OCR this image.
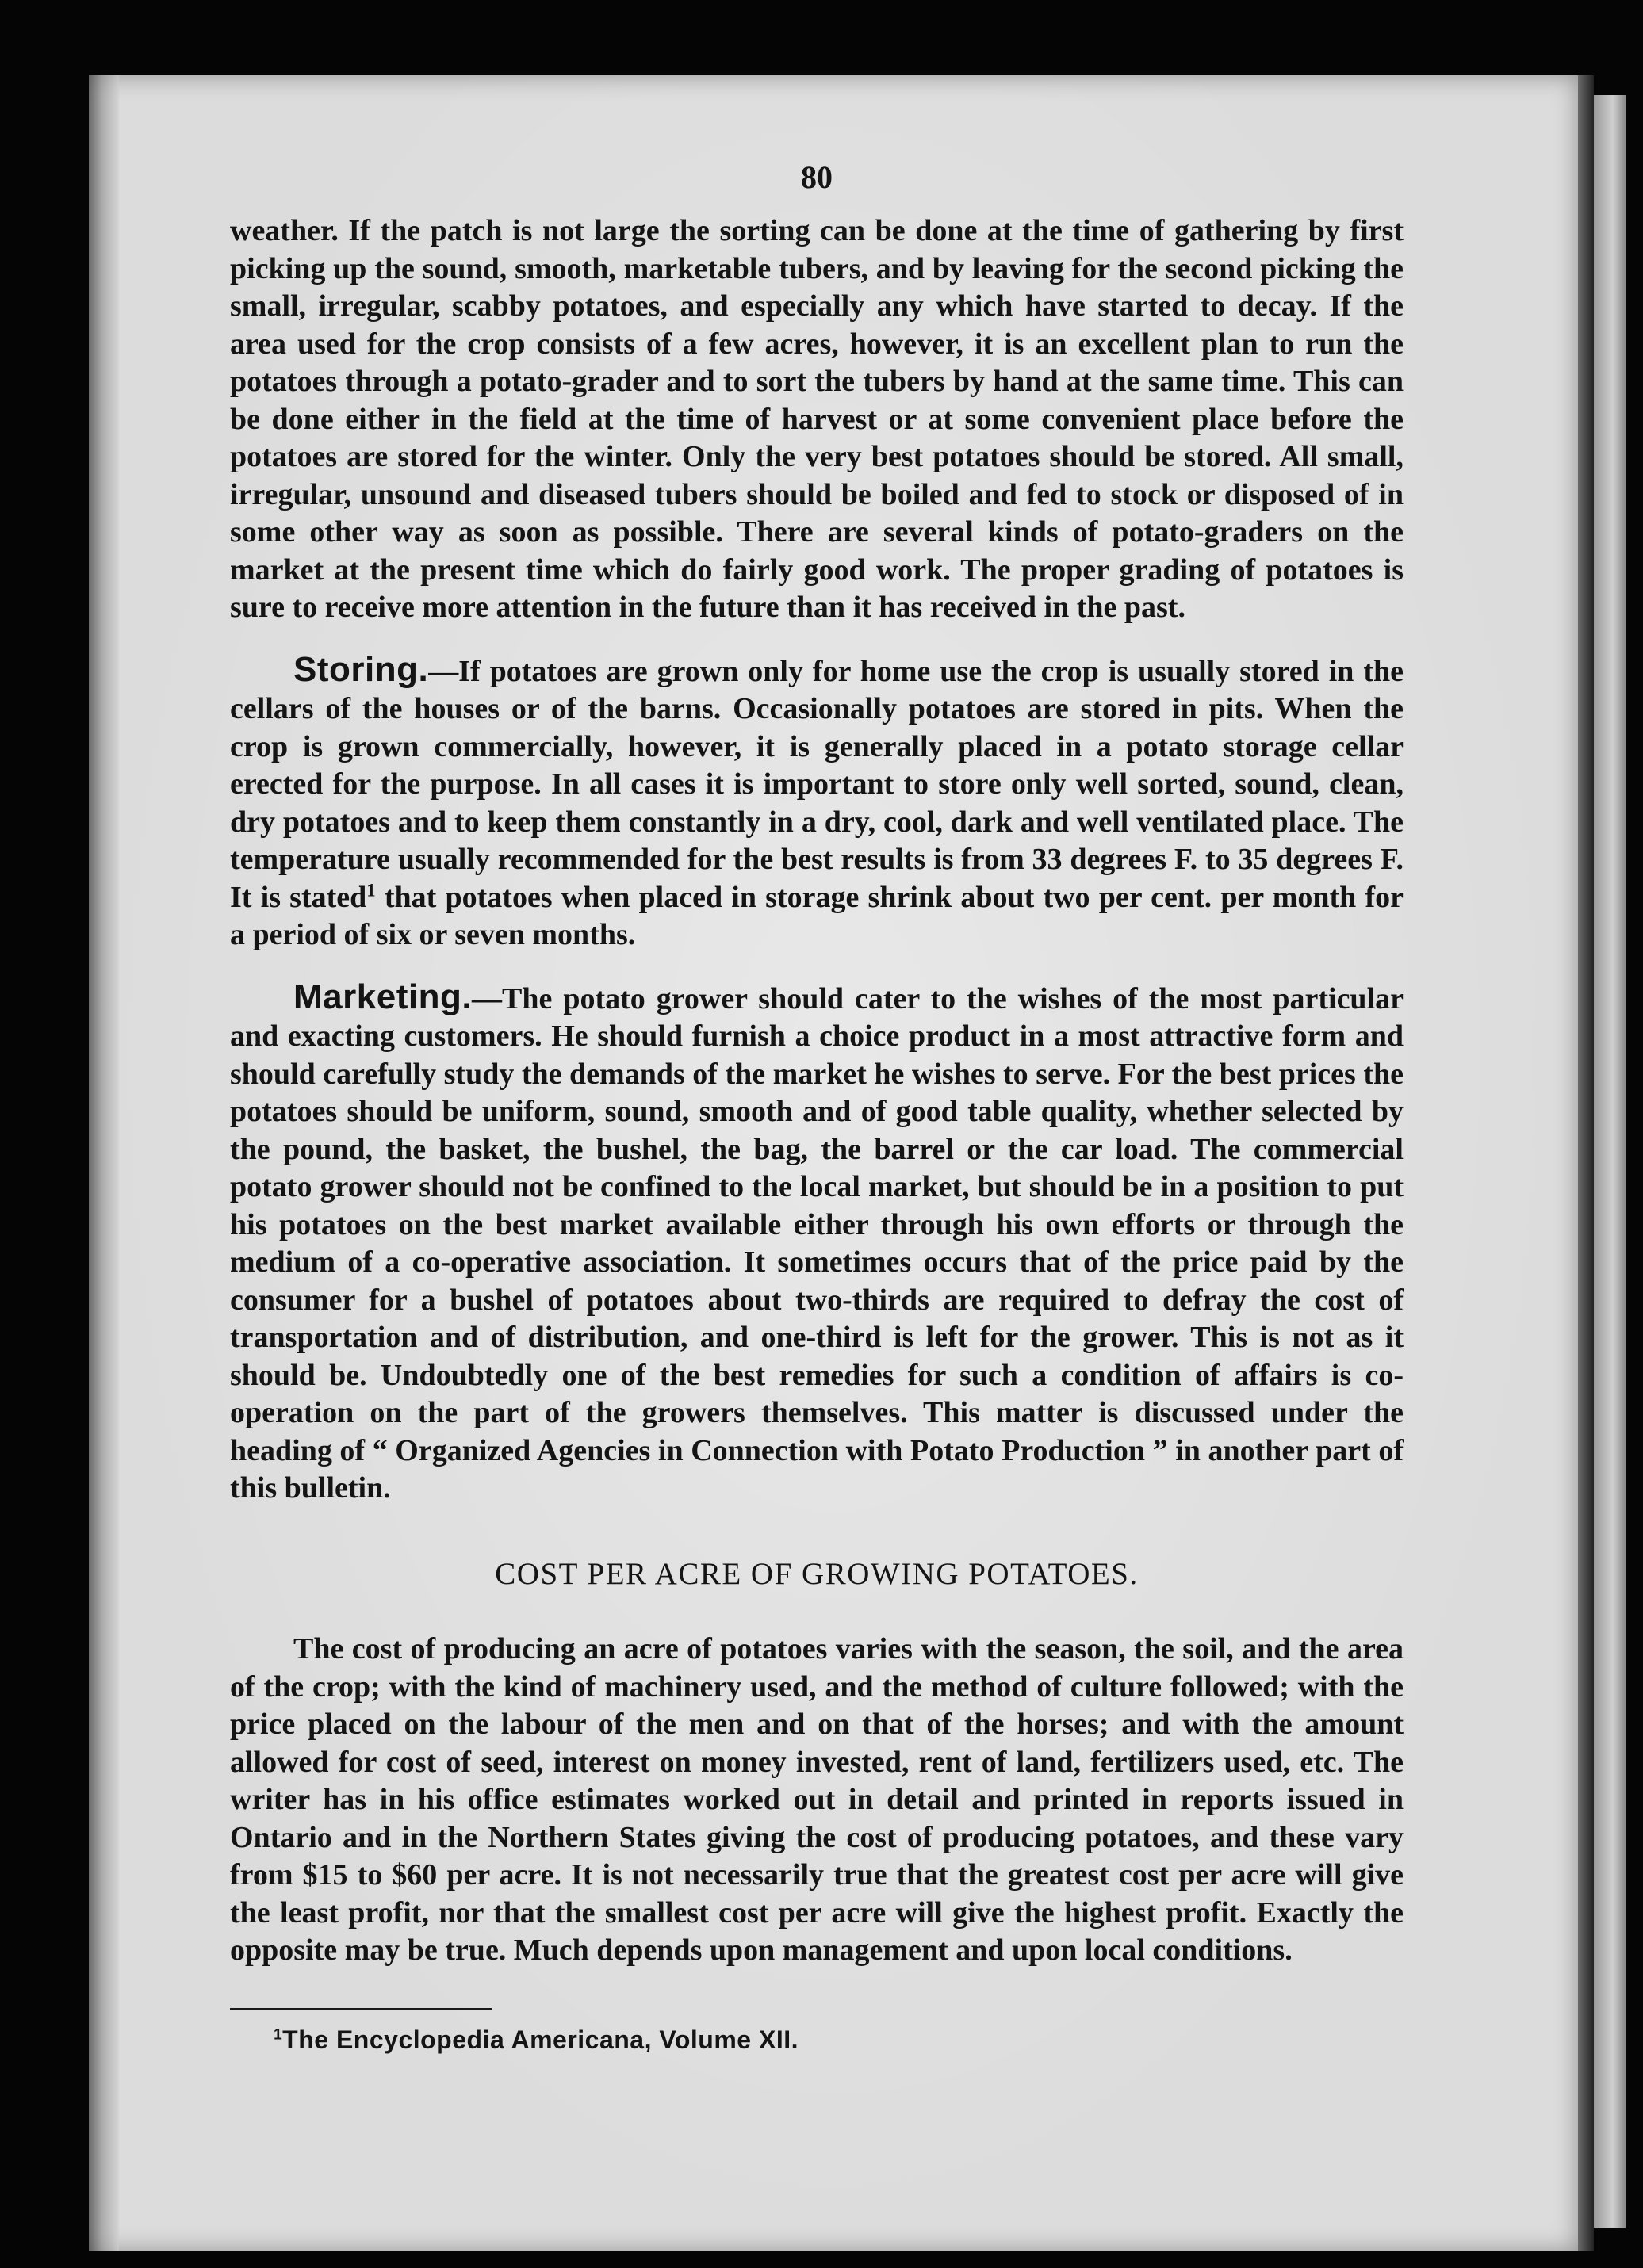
80

weather. If the patch is not large the sorting can be done at the time of gathering by first picking up the sound, smooth, marketable tubers, and by leaving for the second picking the small, irregular, scabby potatoes, and especially any which have started to decay. If the area used for the crop consists of a few acres, however, it is an excellent plan to run the potatoes through a potato-grader and to sort the tubers by hand at the same time. This can be done either in the field at the time of harvest or at some convenient place before the potatoes are stored for the winter. Only the very best potatoes should be stored. All small, irregular, unsound and diseased tubers should be boiled and fed to stock or disposed of in some other way as soon as possible. There are several kinds of potato-graders on the market at the present time which do fairly good work. The proper grading of potatoes is sure to receive more attention in the future than it has received in the past.

Storing.—If potatoes are grown only for home use the crop is usually stored in the cellars of the houses or of the barns. Occasionally potatoes are stored in pits. When the crop is grown commercially, however, it is generally placed in a potato storage cellar erected for the purpose. In all cases it is important to store only well sorted, sound, clean, dry potatoes and to keep them constantly in a dry, cool, dark and well ventilated place. The temperature usually recommended for the best results is from 33 degrees F. to 35 degrees F. It is stated$^1$ that potatoes when placed in storage shrink about two per cent. per month for a period of six or seven months.

Marketing.—The potato grower should cater to the wishes of the most particular and exacting customers. He should furnish a choice product in a most attractive form and should carefully study the demands of the market he wishes to serve. For the best prices the potatoes should be uniform, sound, smooth and of good table quality, whether selected by the pound, the basket, the bushel, the bag, the barrel or the car load. The commercial potato grower should not be confined to the local market, but should be in a position to put his potatoes on the best market available either through his own efforts or through the medium of a co-operative association. It sometimes occurs that of the price paid by the consumer for a bushel of potatoes about two-thirds are required to defray the cost of transportation and of distribution, and one-third is left for the grower. This is not as it should be. Undoubtedly one of the best remedies for such a condition of affairs is co-operation on the part of the growers themselves. This matter is discussed under the heading of “ Organized Agencies in Connection with Potato Production ” in another part of this bulletin.

COST PER ACRE OF GROWING POTATOES.

The cost of producing an acre of potatoes varies with the season, the soil, and the area of the crop; with the kind of machinery used, and the method of culture followed; with the price placed on the labour of the men and on that of the horses; and with the amount allowed for cost of seed, interest on money invested, rent of land, fertilizers used, etc. The writer has in his office estimates worked out in detail and printed in reports issued in Ontario and in the Northern States giving the cost of producing potatoes, and these vary from $15 to $60 per acre. It is not necessarily true that the greatest cost per acre will give the least profit, nor that the smallest cost per acre will give the highest profit. Exactly the opposite may be true. Much depends upon management and upon local conditions.

$^1$The Encyclopedia Americana, Volume XII.
